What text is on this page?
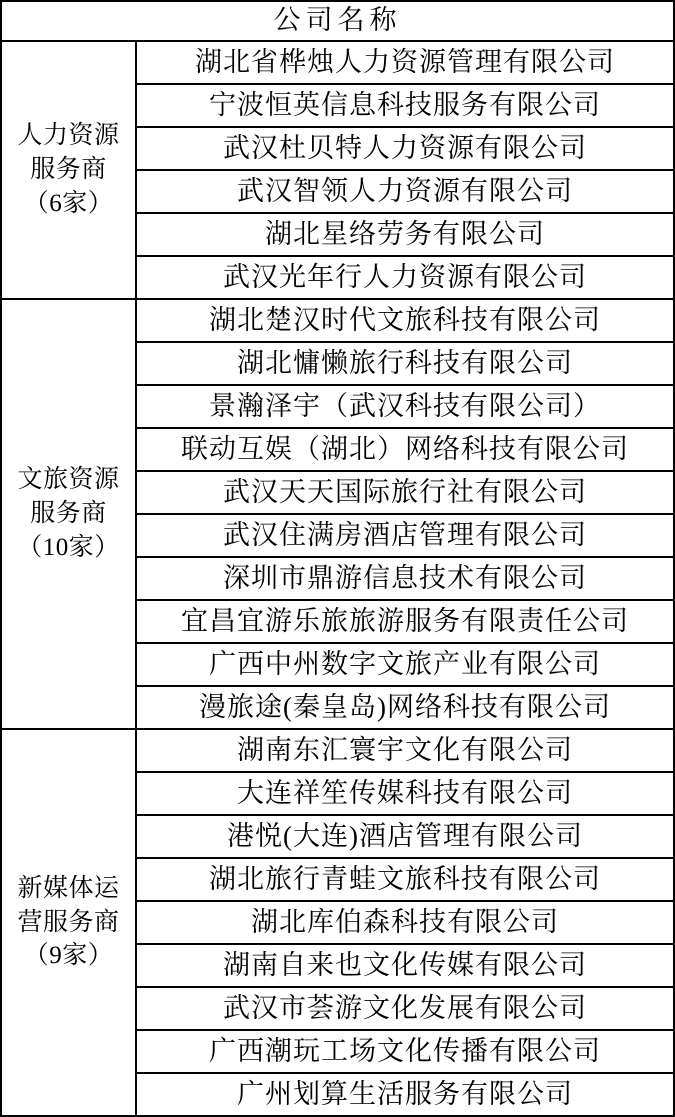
公司名称	

人力资源
服务商
（6家）	湖北省桦烛人力资源管理有限公司
	宁波恒英信息科技服务有限公司
	武汉杜贝特人力资源有限公司
	武汉智领人力资源有限公司
	湖北星络劳务有限公司
	武汉光年行人力资源有限公司

文旅资源
服务商
（10家）	湖北楚汉时代文旅科技有限公司
	湖北慵懒旅行科技有限公司
	景瀚泽宇（武汉科技有限公司）
	联动互娱（湖北）网络科技有限公司
	武汉天天国际旅行社有限公司
	武汉住满房酒店管理有限公司
	深圳市鼎游信息技术有限公司
	宜昌宜游乐旅旅游服务有限责任公司
	广西中州数字文旅产业有限公司
	漫旅途(秦皇岛)网络科技有限公司

新媒体运
营服务商
（9家）	湖南东汇寰宇文化有限公司
	大连祥笙传媒科技有限公司
	港悦(大连)酒店管理有限公司
	湖北旅行青蛙文旅科技有限公司
	湖北库伯森科技有限公司
	湖南自来也文化传媒有限公司
	武汉市荟游文化发展有限公司
	广西潮玩工场文化传播有限公司
	广州划算生活服务有限公司
